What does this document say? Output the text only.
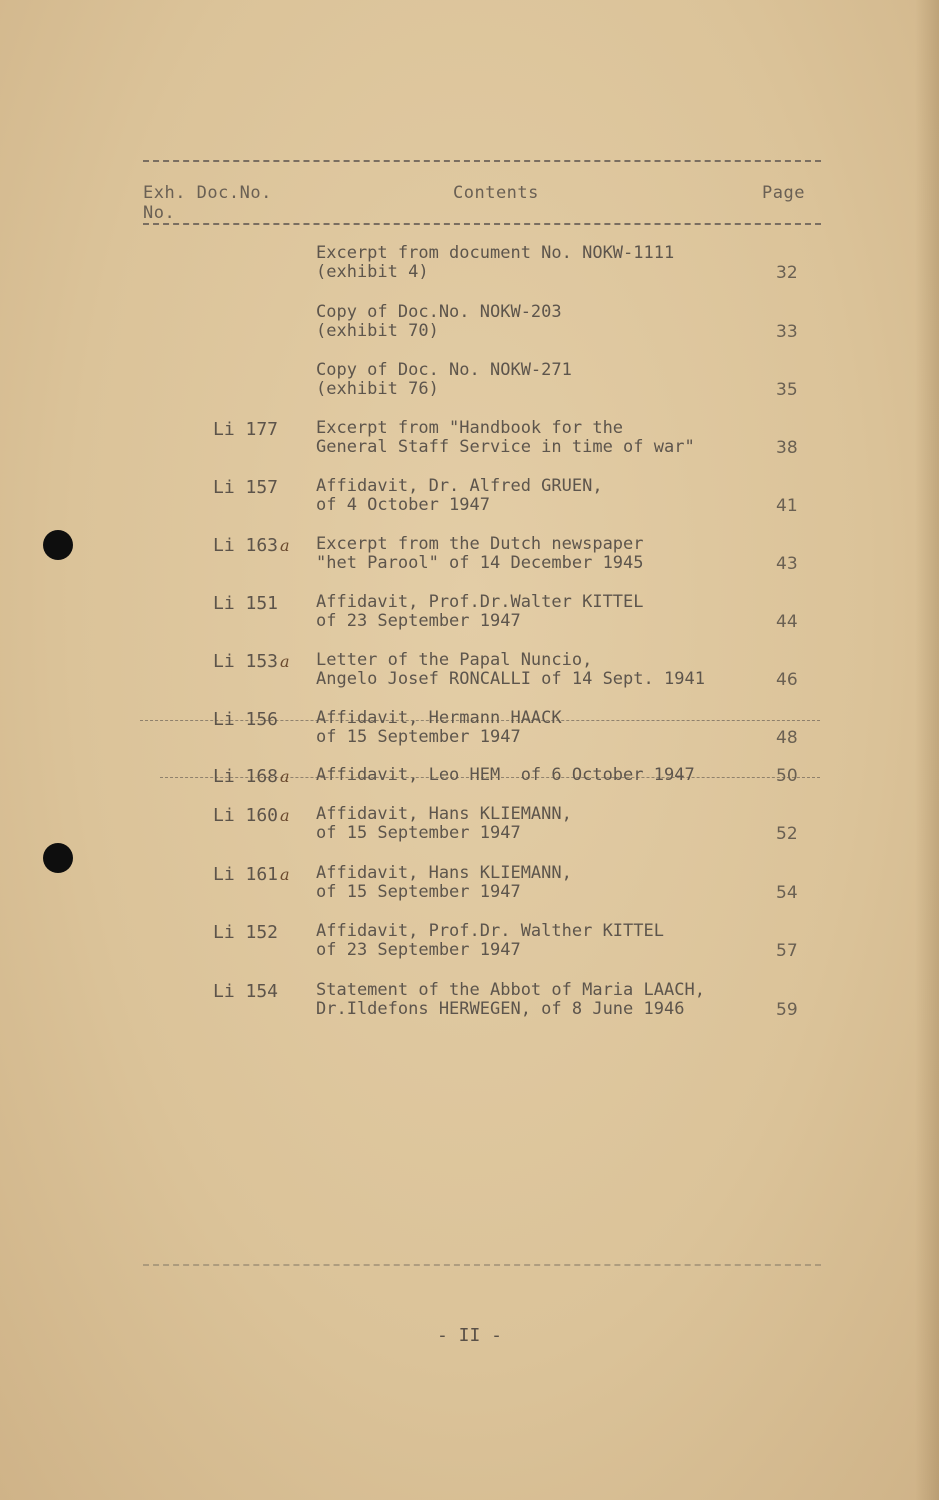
Exh. Doc.No.
No.
Contents	Page
Excerpt from document No. NOKW-1111
(exhibit 4)	32
Copy of Doc.No. NOKW-203
(exhibit 70)	33
Copy of Doc. No. NOKW-271
(exhibit 76)	35
Li 177 Excerpt from "Handbook for the
General Staff Service in time of war"	38
Li 157 Affidavit, Dr. Alfred GRUEN,
of 4 October 1947	41
Li 163 a Excerpt from the Dutch newspaper
"het Parool" of 14 December 1945	43
Li 151 Affidavit, Prof.Dr.Walter KITTEL
of 23 September 1947	44
Li 153 a Letter of the Papal Nuncio,
Angelo Josef RONCALLI of 14 Sept. 1941	46
Li 156 Affidavit, Hermann HAACK
of 15 September 1947	48
Li 168 a Affidavit, Leo HEM  of 6 October 1947	50
Li 160 a Affidavit, Hans KLIEMANN,
of 15 September 1947	52
Li 161 a Affidavit, Hans KLIEMANN,
of 15 September 1947	54
Li 152 Affidavit, Prof.Dr. Walther KITTEL
of 23 September 1947	57
Li 154 Statement of the Abbot of Maria LAACH,
Dr.Ildefons HERWEGEN, of 8 June 1946	59
- II -
